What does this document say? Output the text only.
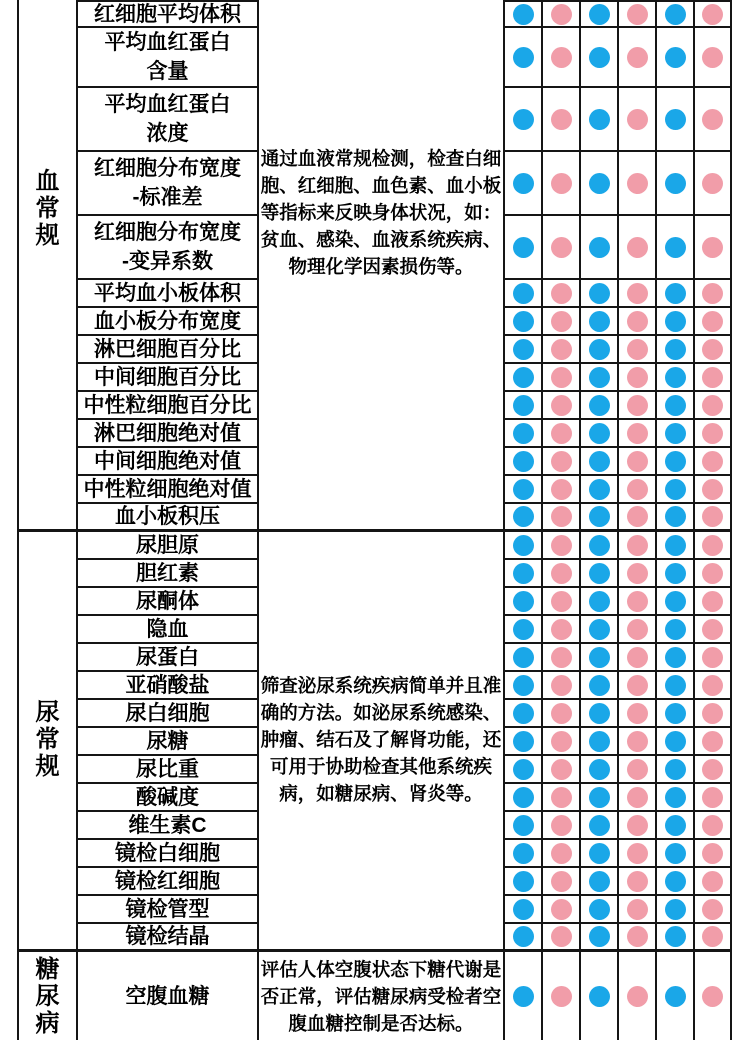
血
常
规
通过血液常规检测，检查白细
胞、红细胞、血色素、血小板
等指标来反映身体状况，如：
贫血、感染、血液系统疾病、
物理化学因素损伤等。
红细胞平均体积
平均血红蛋白
含量
平均血红蛋白
浓度
红细胞分布宽度
-标准差
红细胞分布宽度
-变异系数
平均血小板体积
血小板分布宽度
淋巴细胞百分比
中间细胞百分比
中性粒细胞百分比
淋巴细胞绝对值
中间细胞绝对值
中性粒细胞绝对值
血小板积压
尿
常
规
筛查泌尿系统疾病简单并且准
确的方法。如泌尿系统感染、
肿瘤、结石及了解肾功能，还
可用于协助检查其他系统疾
病，如糖尿病、肾炎等。
尿胆原
胆红素
尿酮体
隐血
尿蛋白
亚硝酸盐
尿白细胞
尿糖
尿比重
酸碱度
维生素C
镜检白细胞
镜检红细胞
镜检管型
镜检结晶
糖
尿
病
评估人体空腹状态下糖代谢是
否正常，评估糖尿病受检者空
腹血糖控制是否达标。
空腹血糖
